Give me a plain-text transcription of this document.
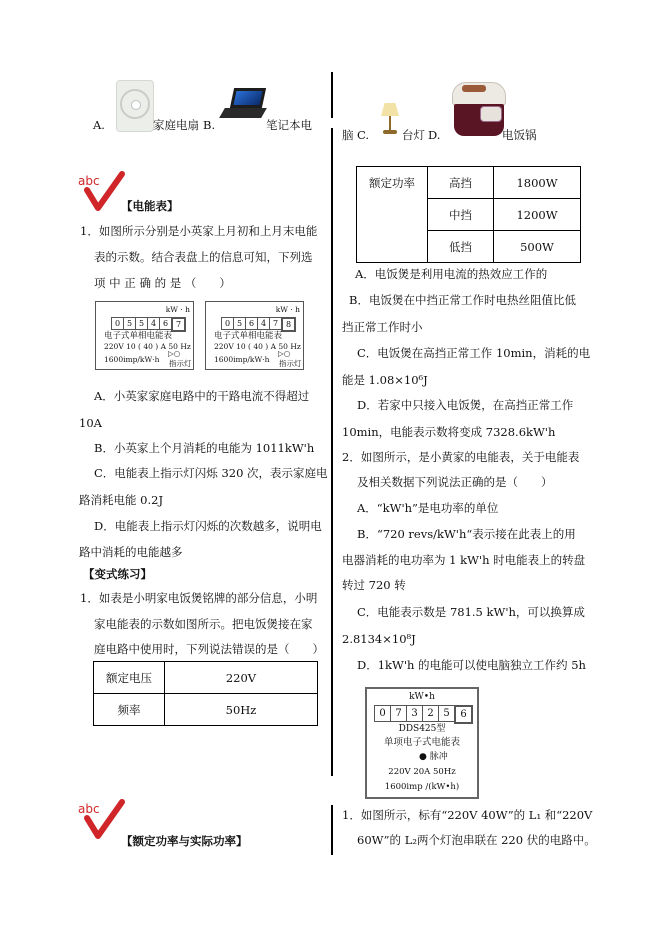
A.	家庭电扇 B.	笔记本电
脑 C.	台灯 D.	电饭锅
abc
【电能表】
1．如图所示分别是小英家上月初和上月末电能
表的示数。结合表盘上的信息可知，下列选
项 中 正 确 的 是 （　　）
kW · h
0 5 5 4 6 7
电子式单相电能表
220V 10 ( 40 ) A 50 Hz
1600imp/kW·h
▷○
指示灯
kW · h
0 5 6 4 7 8
电子式单相电能表
220V 10 ( 40 ) A 50 Hz
1600imp/kW·h
▷○
指示灯
A．小英家家庭电路中的干路电流不得超过
10A
B．小英家上个月消耗的电能为 1011kW'h
C．电能表上指示灯闪烁 320 次，表示家庭电
路消耗电能 0.2J
D．电能表上指示灯闪烁的次数越多，说明电
路中消耗的电能越多
【变式练习】
1．如表是小明家电饭煲铭牌的部分信息，小明
家电能表的示数如图所示。把电饭煲接在家
庭电路中使用时，下列说法错误的是（　　）
额定电压	220V
频率	50Hz
额定功率	高挡	1800W
	中挡	1200W
	低挡	500W
A．电饭煲是利用电流的热效应工作的
B．电饭煲在中挡正常工作时电热丝阻值比低
挡正常工作时小
C．电饭煲在高挡正常工作 10min，消耗的电
能是 1.08×10⁶J
D．若家中只接入电饭煲，在高挡正常工作
10min，电能表示数将变成 7328.6kW'h
2．如图所示，是小黄家的电能表，关于电能表
及相关数据下列说法正确的是（　　）
A．“kW'h”是电功率的单位
B．“720 revs/kW'h“表示接在此表上的用
电器消耗的电功率为 1 kW'h 时电能表上的转盘
转过 720 转
C．电能表示数是 781.5 kW'h，可以换算成
2.8134×10⁸J
D．1kW'h 的电能可以使电脑独立工作约 5h
kW•h
0 7 3 2 5	6
DDS425型
单项电子式电能表
● 脉冲
220V 20A 50Hz
1600imp /(kW•h)
abc
【额定功率与实际功率】
1．如图所示，标有“220V 40W”的 L₁ 和“220V
60W”的 L₂两个灯泡串联在 220 伏的电路中。
